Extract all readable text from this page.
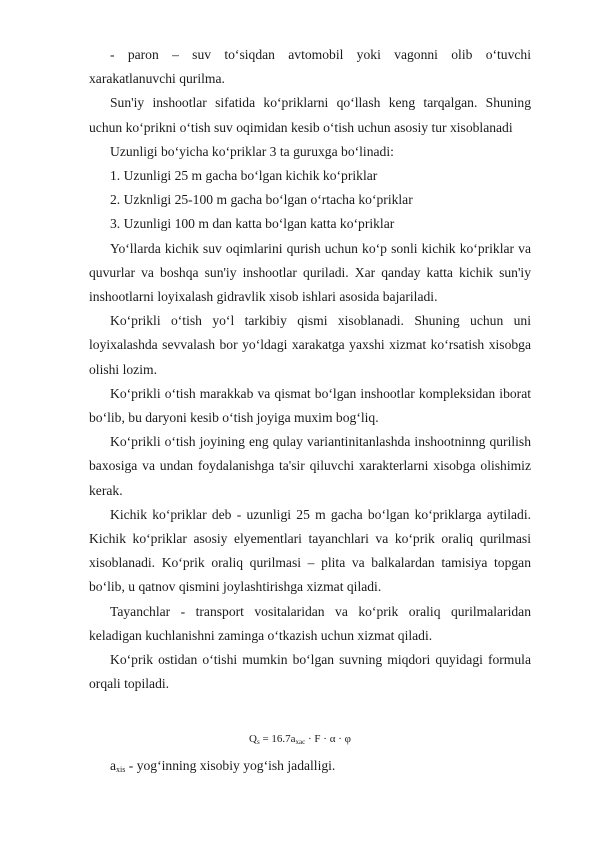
- paron – suv to‘siqdan avtomobil yoki vagonni olib o‘tuvchi xarakatlanuvchi qurilma.

Sun'iy inshootlar sifatida ko‘priklarni qo‘llash keng tarqalgan. Shuning uchun ko‘prikni o‘tish suv oqimidan kesib o‘tish uchun asosiy tur xisoblanadi

Uzunligi bo‘yicha ko‘priklar 3 ta guruxga bo‘linadi:

1. Uzunligi 25 m gacha bo‘lgan kichik ko‘priklar

2. Uzknligi 25-100 m gacha bo‘lgan o‘rtacha ko‘priklar

3. Uzunligi 100 m dan katta bo‘lgan katta ko‘priklar

Yo‘llarda kichik suv oqimlarini qurish uchun ko‘p sonli kichik ko‘priklar va quvurlar va boshqa sun'iy inshootlar quriladi. Xar qanday katta kichik sun'iy inshootlarni loyixalash gidravlik xisob ishlari asosida bajariladi.

Ko‘prikli o‘tish yo‘l tarkibiy qismi xisoblanadi. Shuning uchun uni loyixalashda sevvalash bor yo‘ldagi xarakatga yaxshi xizmat ko‘rsatish xisobga olishi lozim.

Ko‘prikli o‘tish marakkab va qismat bo‘lgan inshootlar kompleksidan iborat bo‘lib, bu daryoni kesib o‘tish joyiga muxim bog‘liq.

Ko‘prikli o‘tish joyining eng qulay variantinitanlashda inshootninng qurilish baxosiga va undan foydalanishga ta'sir qiluvchi xarakterlarni xisobga olishimiz kerak.

Kichik ko‘priklar deb - uzunligi 25 m gacha bo‘lgan ko‘priklarga aytiladi. Kichik ko‘priklar asosiy elyementlari tayanchlari va ko‘prik oraliq qurilmasi xisoblanadi. Ko‘prik oraliq qurilmasi – plita va balkalardan tamisiya topgan bo‘lib, u qatnov qismini joylashtirishga xizmat qiladi.

Tayanchlar - transport vositalaridan va ko‘prik oraliq qurilmalaridan keladigan kuchlanishni zaminga o‘tkazish uchun xizmat qiladi.

Ko‘prik ostidan o‘tishi mumkin bo‘lgan suvning miqdori quyidagi formula orqali topiladi.

$Q_s = 16.7a_{xac} \cdot F \cdot \alpha \cdot \varphi$
$a_{xis}$ - yog‘inning xisobiy yog‘ish jadalligi.
